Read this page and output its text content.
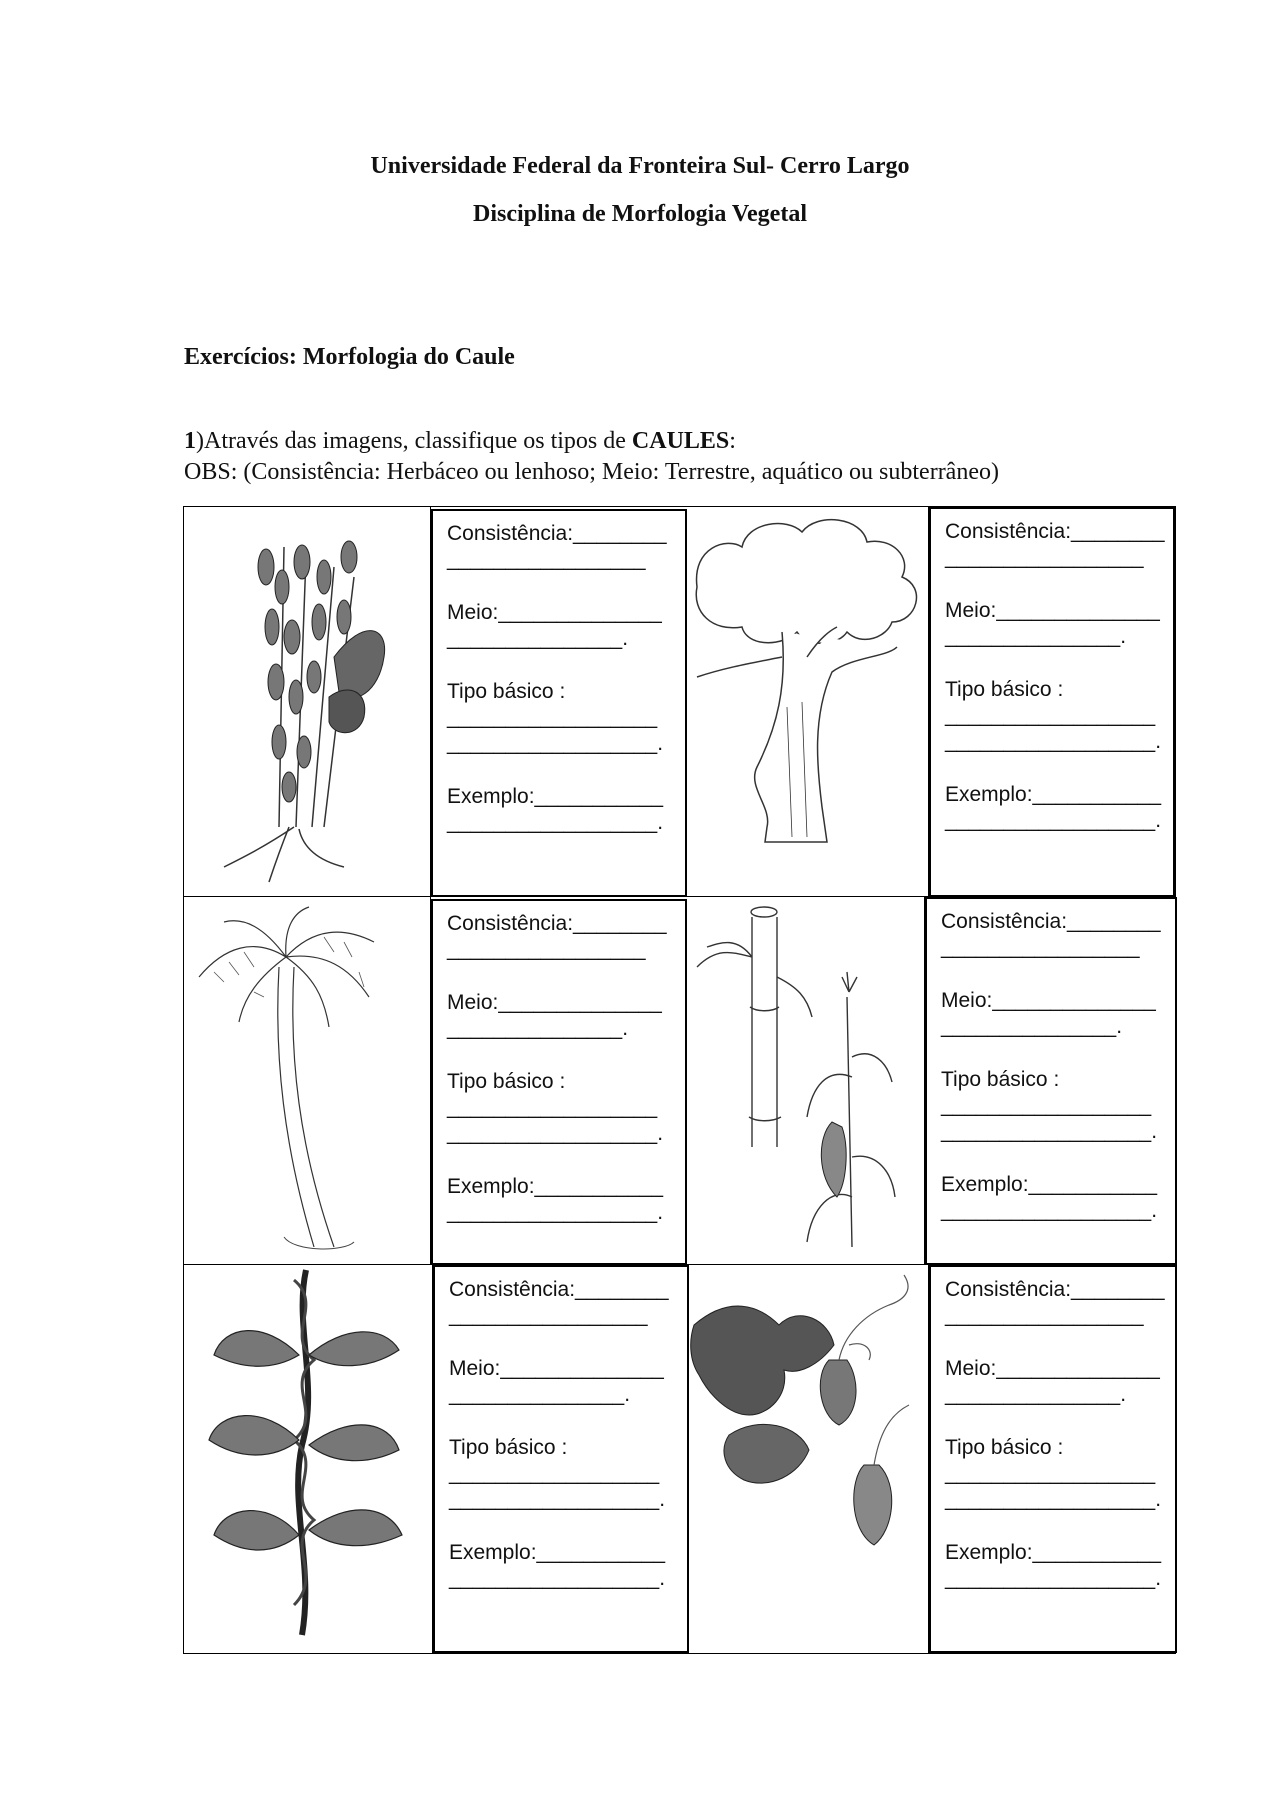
Universidade Federal da Fronteira Sul- Cerro Largo
Disciplina de Morfologia Vegetal
Exercícios: Morfologia do Caule
1)Através das imagens, classifique os tipos de CAULES:
OBS: (Consistência: Herbáceo ou lenhoso; Meio: Terrestre, aquático ou subterrâneo)
Consistência:________
_________________
Meio:______________
_______________.
Tipo básico :
__________________
__________________.
Exemplo:___________
__________________.
Consistência:________
_________________
Meio:______________
_______________.
Tipo básico :
__________________
__________________.
Exemplo:___________
__________________.
Consistência:________
_________________
Meio:______________
_______________.
Tipo básico :
__________________
__________________.
Exemplo:___________
__________________.
Consistência:________
_________________
Meio:______________
_______________.
Tipo básico :
__________________
__________________.
Exemplo:___________
__________________.
Consistência:________
_________________
Meio:______________
_______________.
Tipo básico :
__________________
__________________.
Exemplo:___________
__________________.
Consistência:________
_________________
Meio:______________
_______________.
Tipo básico :
__________________
__________________.
Exemplo:___________
__________________.
